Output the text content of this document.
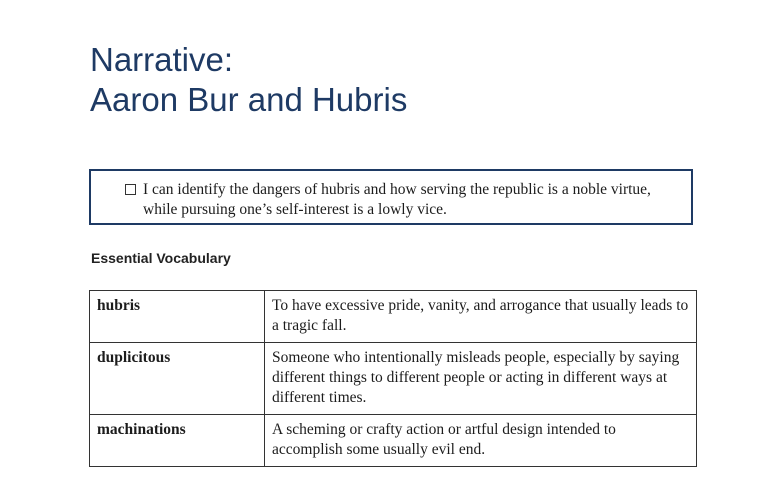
Narrative:
Aaron Bur and Hubris
I can identify the dangers of hubris and how serving the republic is a noble virtue, while pursuing one’s self-interest is a lowly vice.
Essential Vocabulary
hubris	To have excessive pride, vanity, and arrogance that usually leads to a tragic fall.
duplicitous	Someone who intentionally misleads people, especially by saying different things to different people or acting in different ways at different times.
machinations	A scheming or crafty action or artful design intended to accomplish some usually evil end.
